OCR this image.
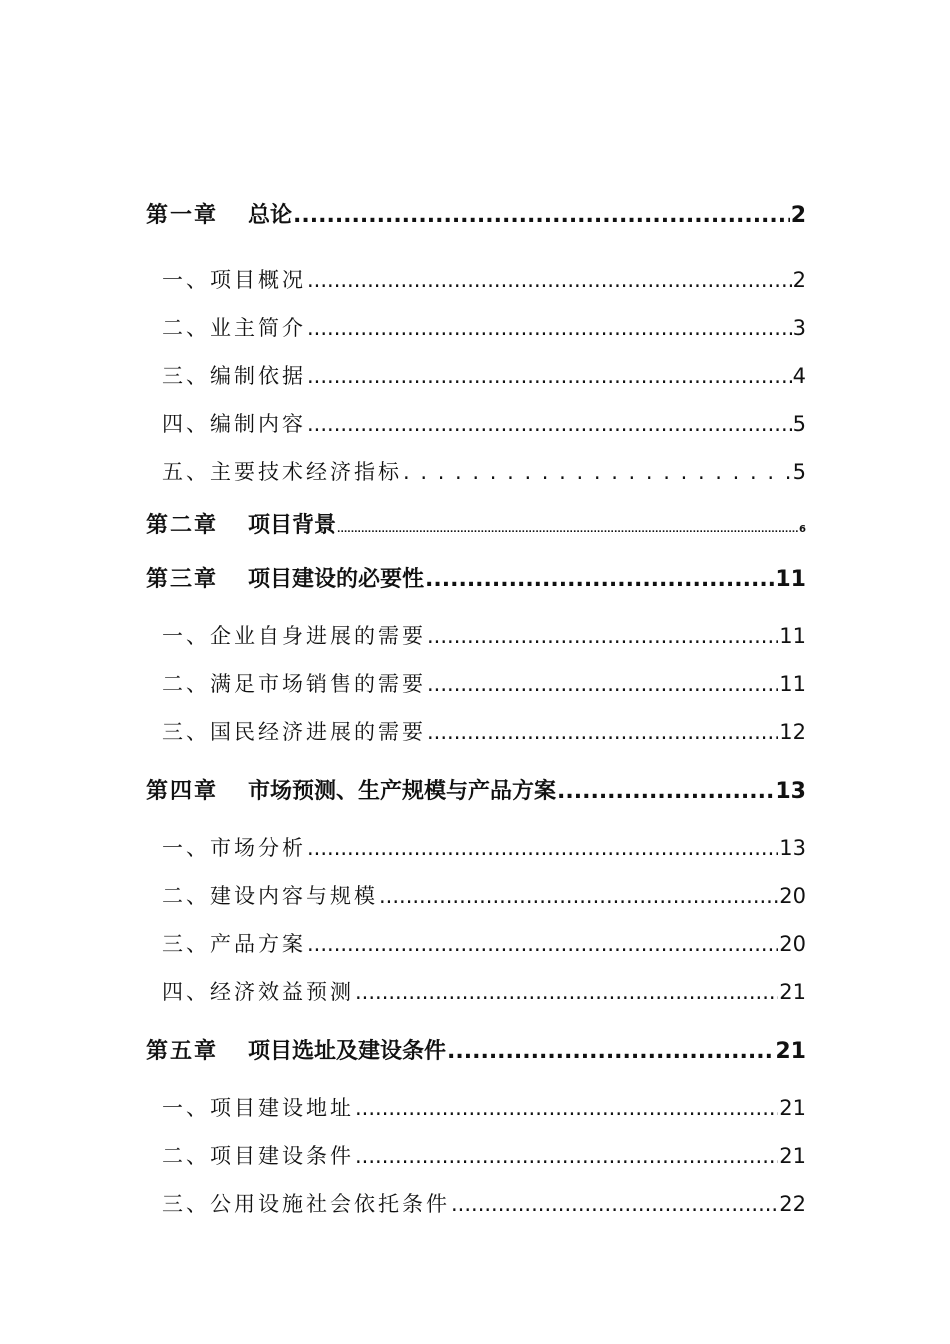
第一章 总论 .....	2
一、项目概况 .....	2
二、业主简介 .....	3
三、编制依据 .....	4
四、编制内容 .....	5
五、主要技术经济指标 . . .	5
第二章 项目背景 .....	6
第三章 项目建设的必要性 .....	11
一、企业自身进展的需要 .....	11
二、满足市场销售的需要 .....	11
三、国民经济进展的需要 .....	12
第四章 市场预测、生产规模与产品方案 .....	13
一、市场分析 .....	13
二、建设内容与规模 .....	20
三、产品方案 .....	20
四、经济效益预测 .....	21
第五章 项目选址及建设条件 .....	21
一、项目建设地址 .....	21
二、项目建设条件 .....	21
三、公用设施社会依托条件 .....	22
